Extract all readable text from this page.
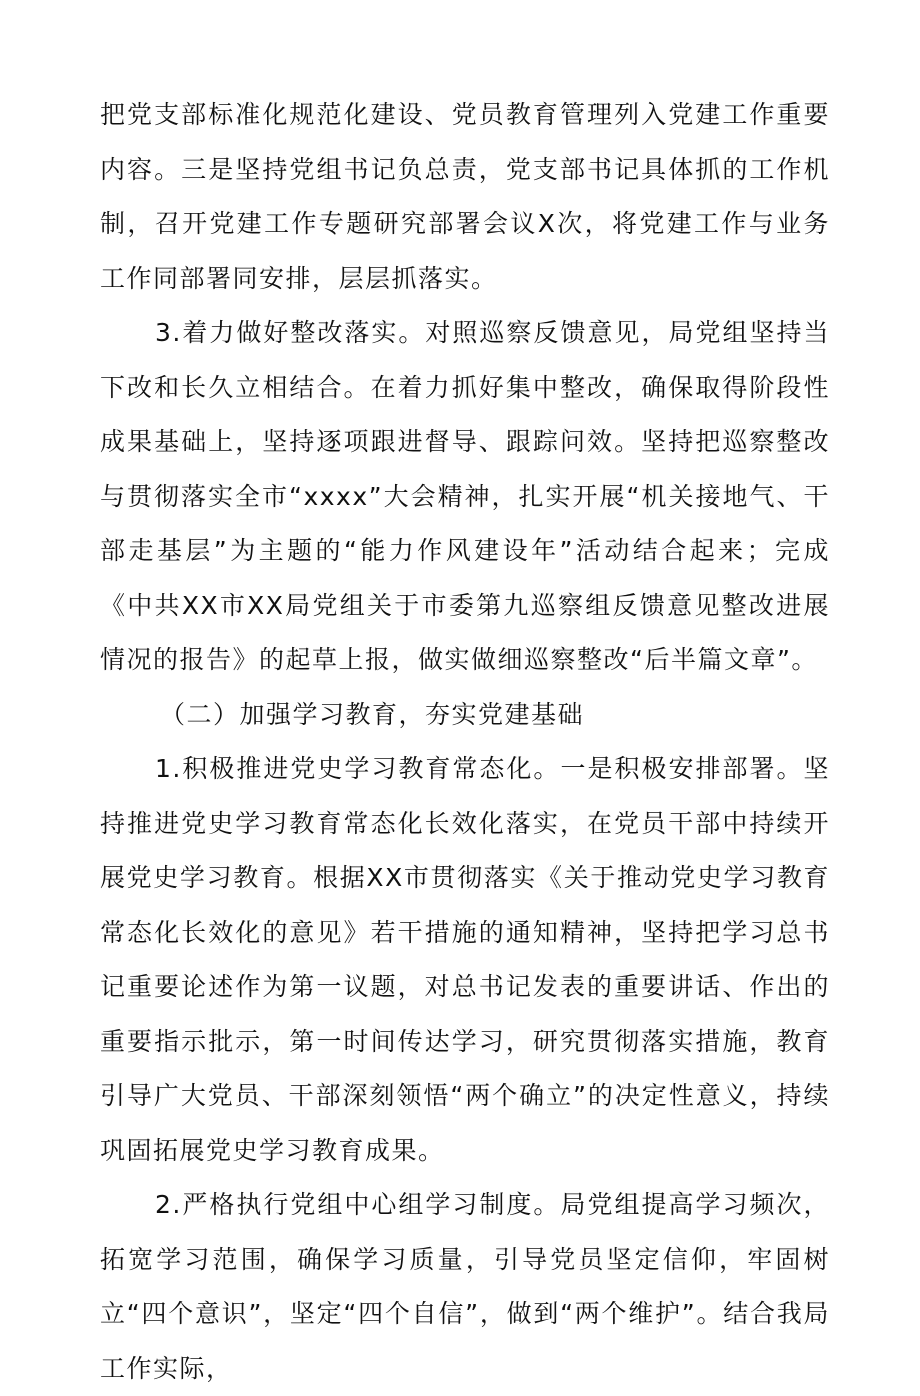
把党支部标准化规范化建设、党员教育管理列入党建工作重要内容。三是坚持党组书记负总责，党支部书记具体抓的工作机制，召开党建工作专题研究部署会议X次，将党建工作与业务工作同部署同安排，层层抓落实。

3.着力做好整改落实。对照巡察反馈意见，局党组坚持当下改和长久立相结合。在着力抓好集中整改，确保取得阶段性成果基础上，坚持逐项跟进督导、跟踪问效。坚持把巡察整改与贯彻落实全市“xxxx”大会精神，扎实开展“机关接地气、干部走基层”为主题的“能力作风建设年”活动结合起来；完成《中共XX市XX局党组关于市委第九巡察组反馈意见整改进展情况的报告》的起草上报，做实做细巡察整改“后半篇文章”。

（二）加强学习教育，夯实党建基础

1.积极推进党史学习教育常态化。一是积极安排部署。坚持推进党史学习教育常态化长效化落实，在党员干部中持续开展党史学习教育。根据XX市贯彻落实《关于推动党史学习教育常态化长效化的意见》若干措施的通知精神，坚持把学习总书记重要论述作为第一议题，对总书记发表的重要讲话、作出的重要指示批示，第一时间传达学习，研究贯彻落实措施，教育引导广大党员、干部深刻领悟“两个确立”的决定性意义，持续巩固拓展党史学习教育成果。

2.严格执行党组中心组学习制度。局党组提高学习频次，拓宽学习范围，确保学习质量，引导党员坚定信仰，牢固树立“四个意识”，坚定“四个自信”，做到“两个维护”。结合我局工作实际，
